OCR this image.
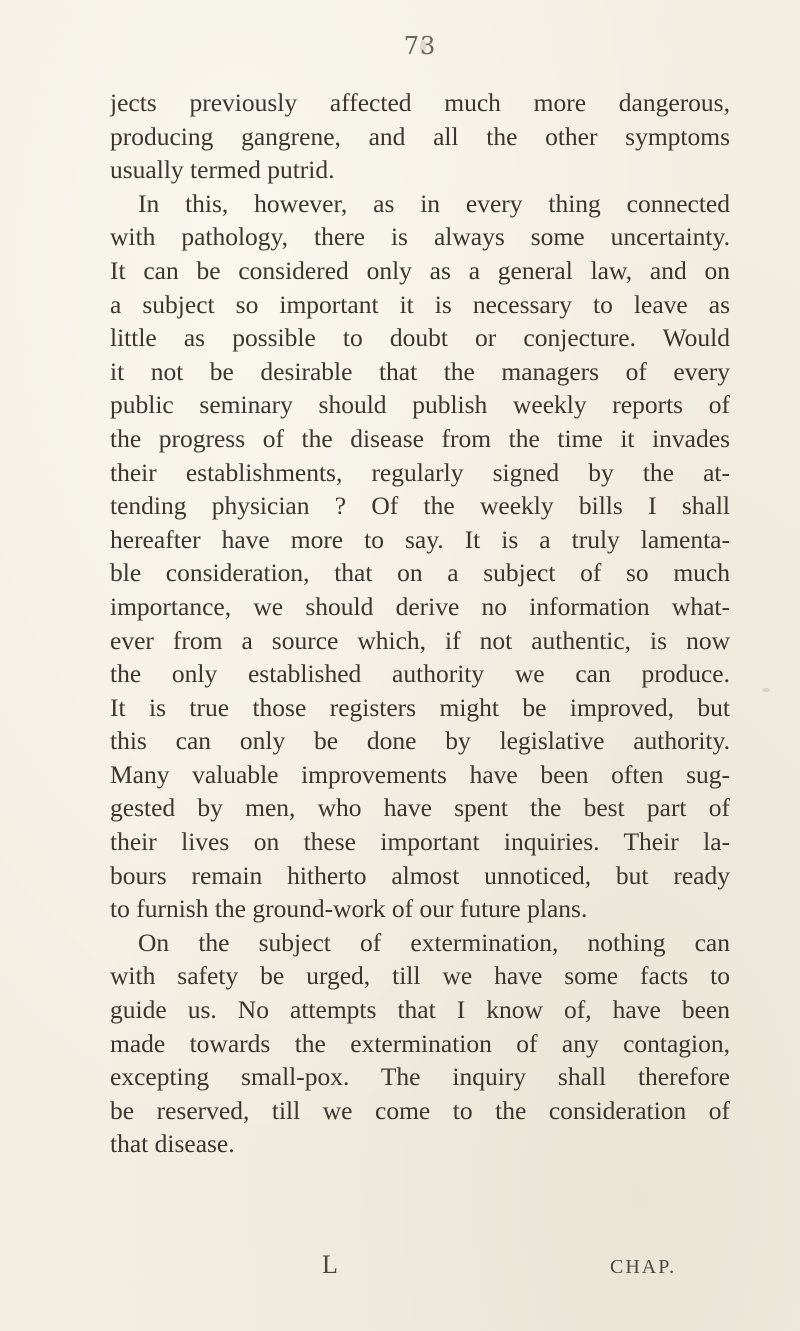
73
jects previously affected much more dangerous,
producing gangrene, and all the other symptoms
usually termed putrid.
In this, however, as in every thing connected
with pathology, there is always some uncertainty.
It can be considered only as a general law, and on
a subject so important it is necessary to leave as
little as possible to doubt or conjecture. Would
it not be desirable that the managers of every
public seminary should publish weekly reports of
the progress of the disease from the time it invades
their establishments, regularly signed by the at-
tending physician ? Of the weekly bills I shall
hereafter have more to say. It is a truly lamenta-
ble consideration, that on a subject of so much
importance, we should derive no information what-
ever from a source which, if not authentic, is now
the only established authority we can produce.
It is true those registers might be improved, but
this can only be done by legislative authority.
Many valuable improvements have been often sug-
gested by men, who have spent the best part of
their lives on these important inquiries. Their la-
bours remain hitherto almost unnoticed, but ready
to furnish the ground-work of our future plans.
On the subject of extermination, nothing can
with safety be urged, till we have some facts to
guide us. No attempts that I know of, have been
made towards the extermination of any contagion,
excepting small-pox. The inquiry shall therefore
be reserved, till we come to the consideration of
that disease.
L	CHAP.
